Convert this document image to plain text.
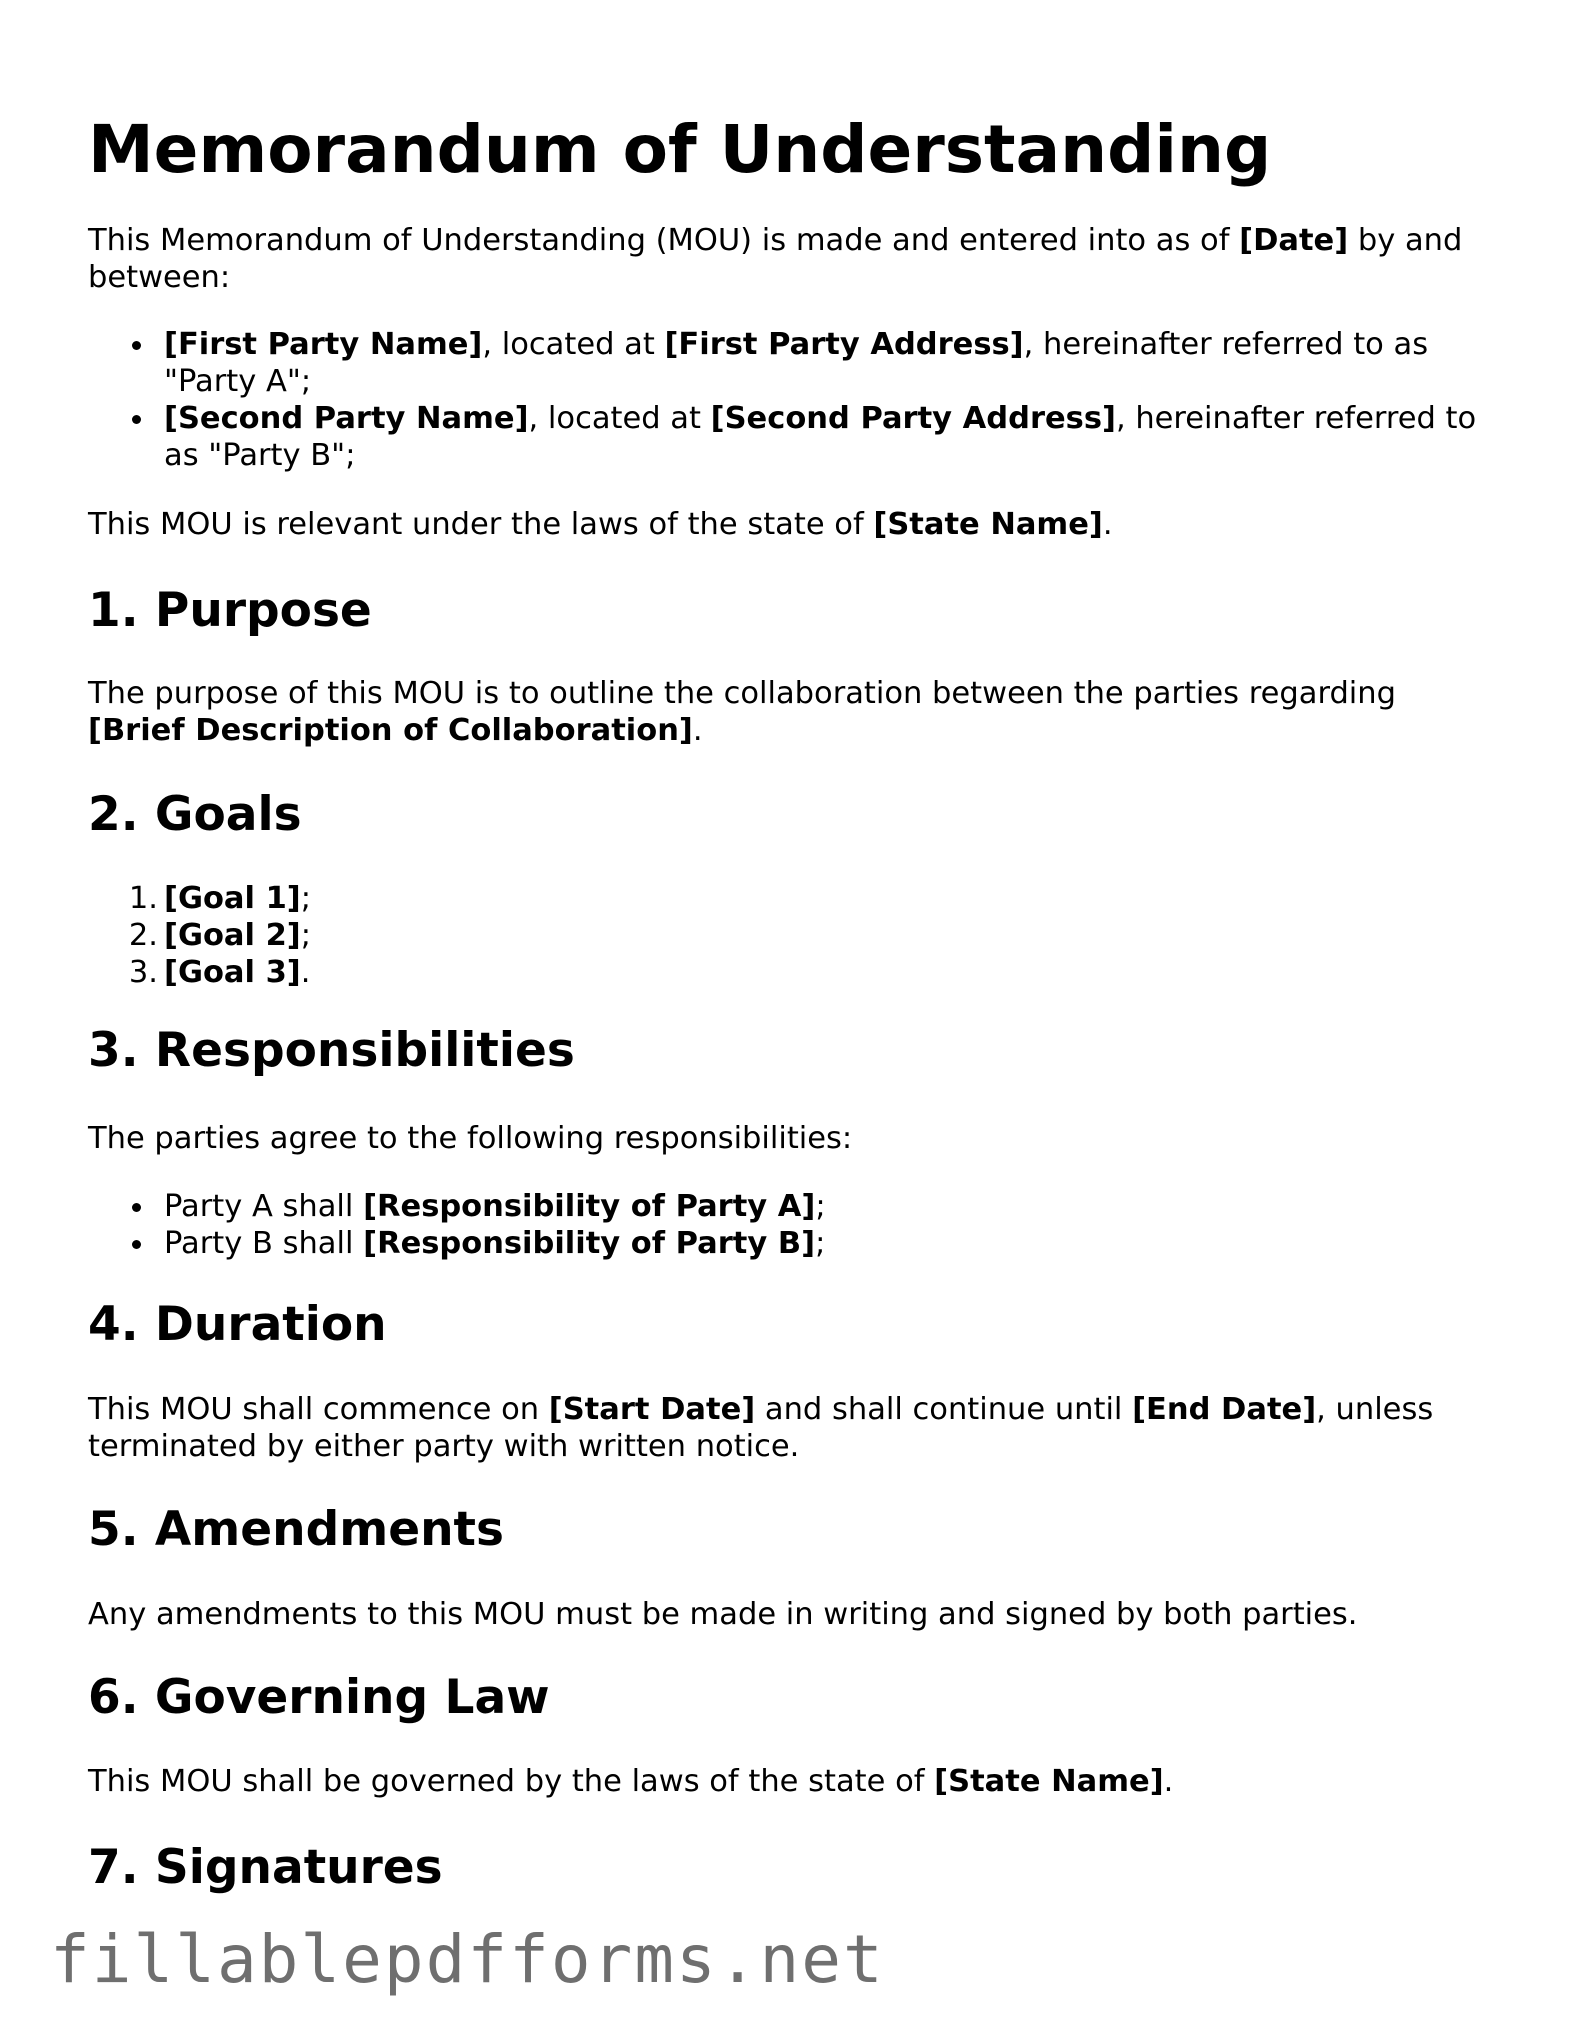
Memorandum of Understanding

This Memorandum of Understanding (MOU) is made and entered into as of [Date] by and between:

[First Party Name], located at [First Party Address], hereinafter referred to as "Party A";
[Second Party Name], located at [Second Party Address], hereinafter referred to as "Party B";

This MOU is relevant under the laws of the state of [State Name].

1. Purpose

The purpose of this MOU is to outline the collaboration between the parties regarding [Brief Description of Collaboration].

2. Goals
1. [Goal 1];
2. [Goal 2];
3. [Goal 3].
3. Responsibilities

The parties agree to the following responsibilities:

Party A shall [Responsibility of Party A];
Party B shall [Responsibility of Party B];
4. Duration

This MOU shall commence on [Start Date] and shall continue until [End Date], unless terminated by either party with written notice.

5. Amendments

Any amendments to this MOU must be made in writing and signed by both parties.

6. Governing Law

This MOU shall be governed by the laws of the state of [State Name].

7. Signatures

fillablepdfforms.net
